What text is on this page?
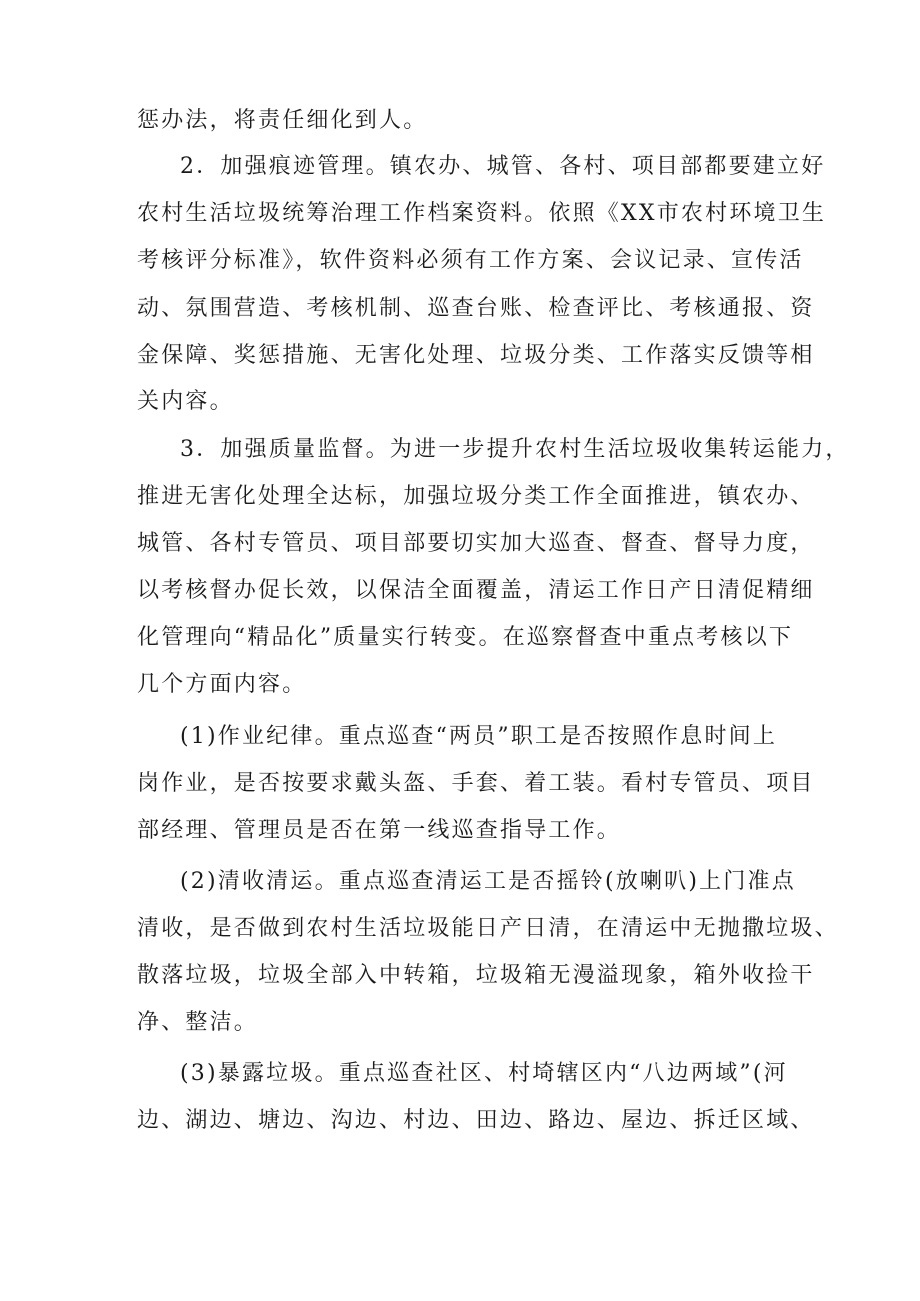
惩办法，将责任细化到人。
2．加强痕迹管理。镇农办、城管、各村、项目部都要建立好
农村生活垃圾统筹治理工作档案资料。依照《XX市农村环境卫生
考核评分标准》，软件资料必须有工作方案、会议记录、宣传活
动、氛围营造、考核机制、巡查台账、检查评比、考核通报、资
金保障、奖惩措施、无害化处理、垃圾分类、工作落实反馈等相
关内容。
3．加强质量监督。为进一步提升农村生活垃圾收集转运能力，
推进无害化处理全达标，加强垃圾分类工作全面推进，镇农办、
城管、各村专管员、项目部要切实加大巡查、督查、督导力度，
以考核督办促长效，以保洁全面覆盖，清运工作日产日清促精细
化管理向“精品化”质量实行转变。在巡察督查中重点考核以下
几个方面内容。
(1)作业纪律。重点巡查“两员”职工是否按照作息时间上
岗作业，是否按要求戴头盔、手套、着工装。看村专管员、项目
部经理、管理员是否在第一线巡查指导工作。
(2)清收清运。重点巡查清运工是否摇铃(放喇叭)上门准点
清收，是否做到农村生活垃圾能日产日清，在清运中无抛撒垃圾、
散落垃圾，垃圾全部入中转箱，垃圾箱无漫溢现象，箱外收捡干
净、整洁。
(3)暴露垃圾。重点巡查社区、村埼辖区内“八边两域”(河
边、湖边、塘边、沟边、村边、田边、路边、屋边、拆迁区域、
